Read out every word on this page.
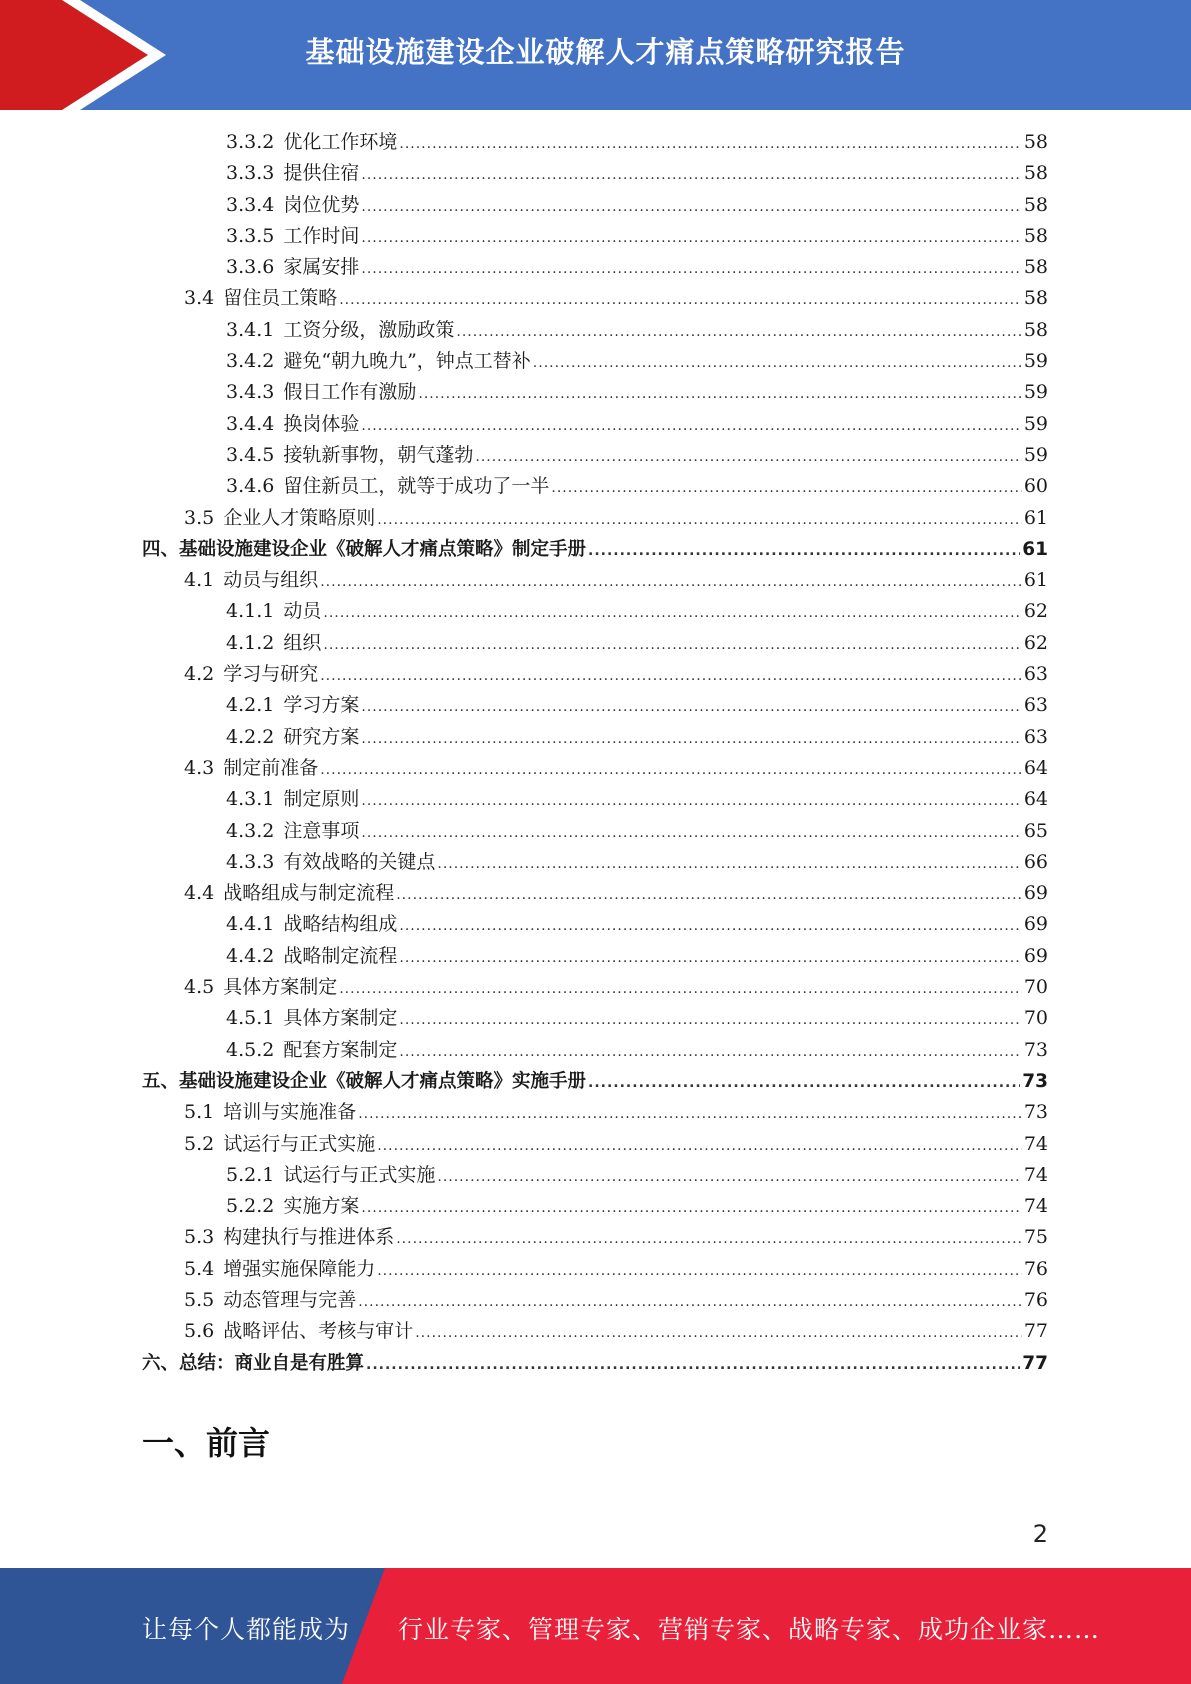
基础设施建设企业破解人才痛点策略研究报告
3.3.2 优化工作环境 .....	58
3.3.3 提供住宿 .....	58
3.3.4 岗位优势 .....	58
3.3.5 工作时间 .....	58
3.3.6 家属安排 .....	58
3.4 留住员工策略 .....	58
3.4.1 工资分级，激励政策 .....	58
3.4.2 避免“朝九晚九”，钟点工替补 .....	59
3.4.3 假日工作有激励 .....	59
3.4.4 换岗体验 .....	59
3.4.5 接轨新事物，朝气蓬勃 .....	59
3.4.6 留住新员工，就等于成功了一半 .....	60
3.5 企业人才策略原则 .....	61
四、基础设施建设企业《破解人才痛点策略》制定手册 .....	61
4.1 动员与组织 .....	61
4.1.1 动员 .....	62
4.1.2 组织 .....	62
4.2 学习与研究 .....	63
4.2.1 学习方案 .....	63
4.2.2 研究方案 .....	63
4.3 制定前准备 .....	64
4.3.1 制定原则 .....	64
4.3.2 注意事项 .....	65
4.3.3 有效战略的关键点 .....	66
4.4 战略组成与制定流程 .....	69
4.4.1 战略结构组成 .....	69
4.4.2 战略制定流程 .....	69
4.5 具体方案制定 .....	70
4.5.1 具体方案制定 .....	70
4.5.2 配套方案制定 .....	73
五、基础设施建设企业《破解人才痛点策略》实施手册 .....	73
5.1 培训与实施准备 .....	73
5.2 试运行与正式实施 .....	74
5.2.1 试运行与正式实施 .....	74
5.2.2 实施方案 .....	74
5.3 构建执行与推进体系 .....	75
5.4 增强实施保障能力 .....	76
5.5 动态管理与完善 .....	76
5.6 战略评估、考核与审计 .....	77
六、总结：商业自是有胜算 .....	77
一、前言
2
让每个人都能成为 行业专家、管理专家、营销专家、战略专家、成功企业家……
